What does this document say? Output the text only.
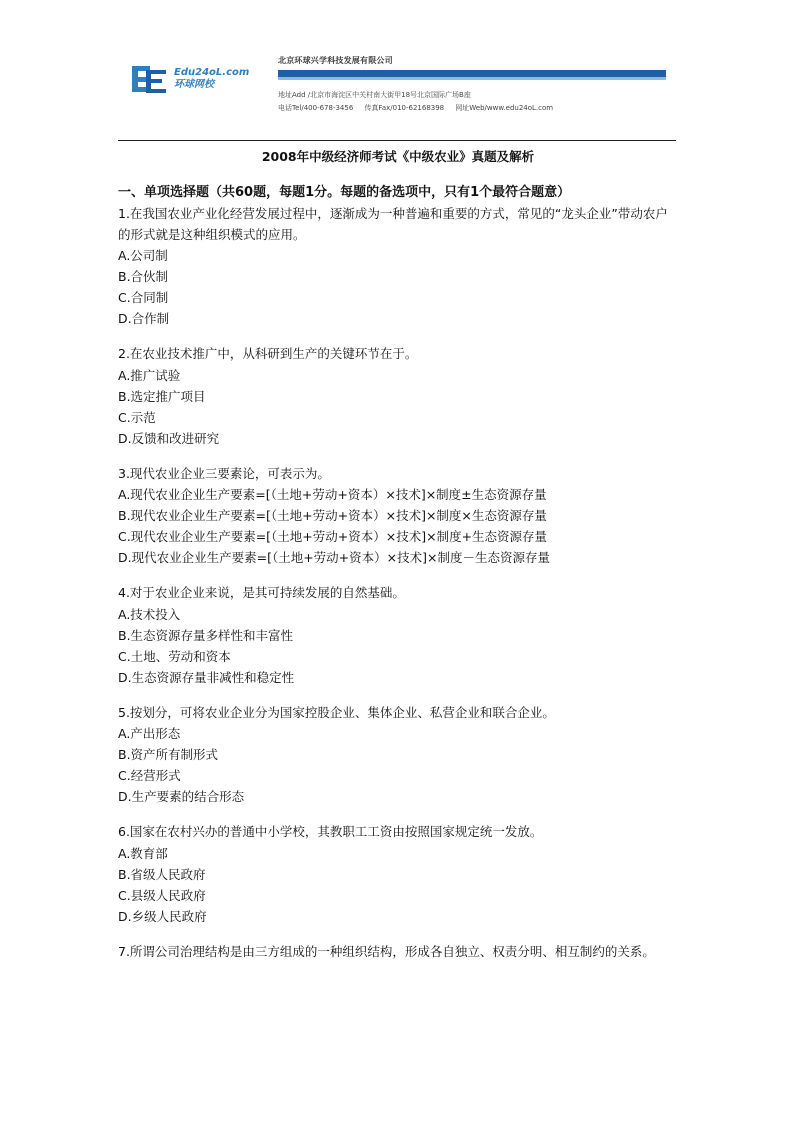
Edu24oL.com
环球网校
北京环球兴学科技发展有限公司
地址Add /北京市海淀区中关村南大街甲18号北京国际广场B座
电话Tel/400-678-3456 传真Fax/010-62168398 网址Web/www.edu24oL.com
2008年中级经济师考试《中级农业》真题及解析
一、单项选择题（共60题，每题1分。每题的备选项中，只有1个最符合题意）

1.在我国农业产业化经营发展过程中，逐渐成为一种普遍和重要的方式，常见的“龙头企业”带动农户的形式就是这种组织模式的应用。

A.公司制

B.合伙制

C.合同制

D.合作制

2.在农业技术推广中，从科研到生产的关键环节在于。

A.推广试验

B.选定推广项目

C.示范

D.反馈和改进研究

3.现代农业企业三要素论，可表示为。

A.现代农业企业生产要素=[（土地+劳动+资本）×技术]×制度±生态资源存量

B.现代农业企业生产要素=[（土地+劳动+资本）×技术]×制度×生态资源存量

C.现代农业企业生产要素=[（土地+劳动+资本）×技术]×制度+生态资源存量

D.现代农业企业生产要素=[（土地+劳动+资本）×技术]×制度－生态资源存量

4.对于农业企业来说，是其可持续发展的自然基础。

A.技术投入

B.生态资源存量多样性和丰富性

C.土地、劳动和资本

D.生态资源存量非减性和稳定性

5.按划分，可将农业企业分为国家控股企业、集体企业、私营企业和联合企业。

A.产出形态

B.资产所有制形式

C.经营形式

D.生产要素的结合形态

6.国家在农村兴办的普通中小学校，其教职工工资由按照国家规定统一发放。

A.教育部

B.省级人民政府

C.县级人民政府

D.乡级人民政府

7.所谓公司治理结构是由三方组成的一种组织结构，形成各自独立、权责分明、相互制约的关系。
